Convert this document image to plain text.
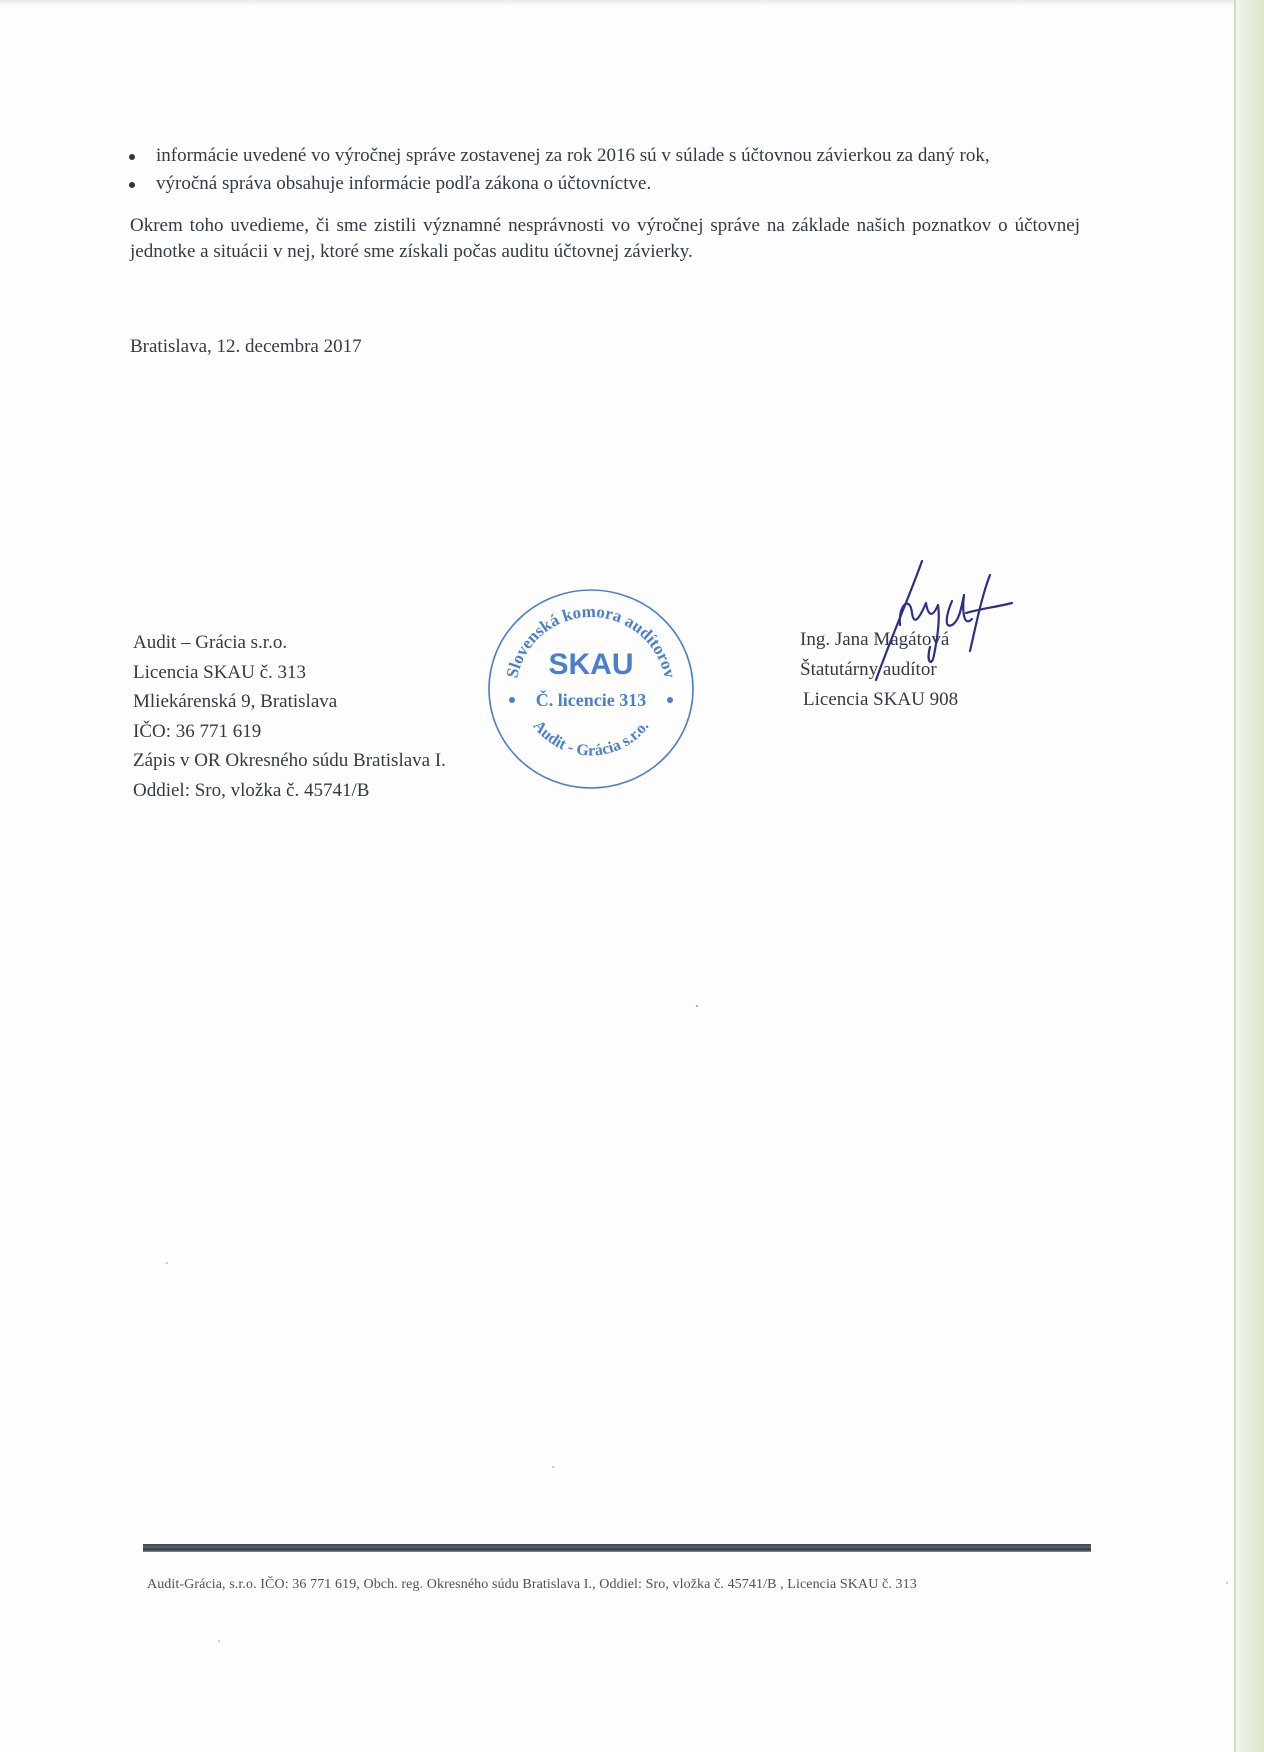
informácie uvedené vo výročnej správe zostavenej za rok 2016 sú v súlade s účtovnou závierkou za daný rok,
výročná správa obsahuje informácie podľa zákona o účtovníctve.

Okrem toho uvedieme, či sme zistili významné nesprávnosti vo výročnej správe na základe našich poznatkov o účtovnej jednotke a situácii v nej, ktoré sme získali počas auditu účtovnej závierky.

Bratislava, 12. decembra 2017

Audit – Grácia s.r.o.
Licencia SKAU č. 313
Mliekárenská 9, Bratislava
IČO: 36 771 619
Zápis v OR Okresného súdu Bratislava I.
Oddiel: Sro, vložka č. 45741/B
Slovenská komora audítorov
SKAU
Č. licencie 313
Audit - Grácia s.r.o.
Ing. Jana Magátová
Štatutárny audítor
Licencia SKAU 908
Audit-Grácia, s.r.o. IČO: 36 771 619, Obch. reg. Okresného súdu Bratislava I., Oddiel: Sro, vložka č. 45741/B , Licencia SKAU č. 313
